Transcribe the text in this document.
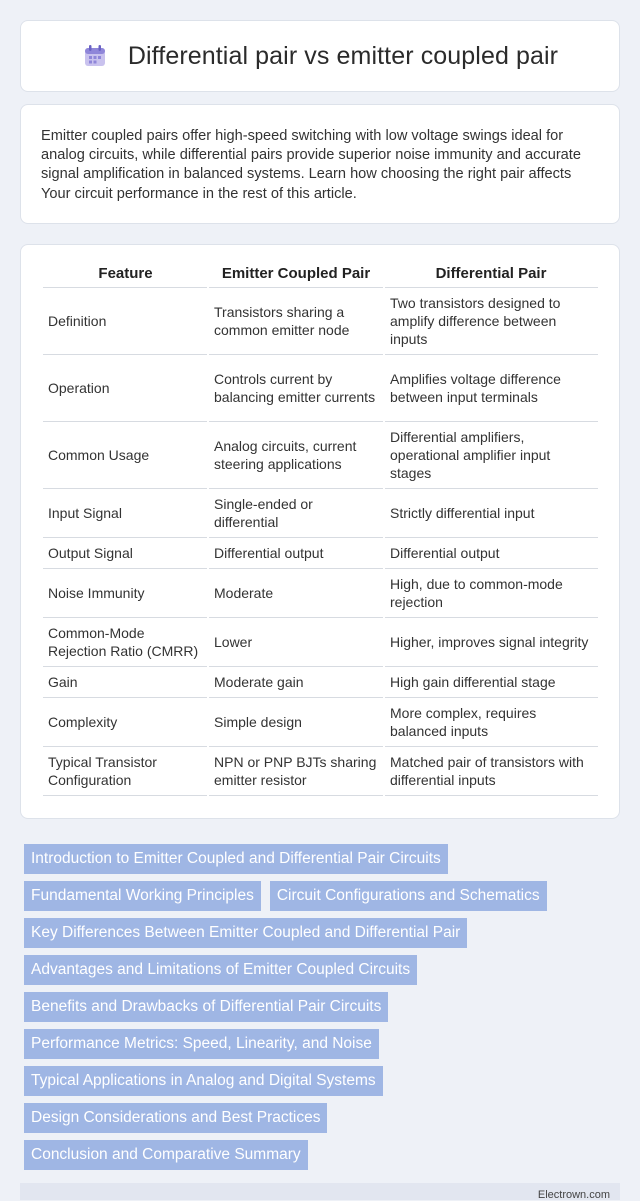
Differential pair vs emitter coupled pair

Emitter coupled pairs offer high-speed switching with low voltage swings ideal for analog circuits, while differential pairs provide superior noise immunity and accurate signal amplification in balanced systems. Learn how choosing the right pair affects Your circuit performance in the rest of this article.

Feature	Emitter Coupled Pair	Differential Pair
Definition	Transistors sharing a common emitter node	Two transistors designed to amplify difference between inputs
Operation	Controls current by balancing emitter currents	Amplifies voltage difference between input terminals
Common Usage	Analog circuits, current steering applications	Differential amplifiers, operational amplifier input stages
Input Signal	Single-ended or differential	Strictly differential input
Output Signal	Differential output	Differential output
Noise Immunity	Moderate	High, due to common-mode rejection
Common-Mode Rejection Ratio (CMRR)	Lower	Higher, improves signal integrity
Gain	Moderate gain	High gain differential stage
Complexity	Simple design	More complex, requires balanced inputs
Typical Transistor Configuration	NPN or PNP BJTs sharing emitter resistor	Matched pair of transistors with differential inputs
Introduction to Emitter Coupled and Differential Pair Circuits
Fundamental Working Principles	Circuit Configurations and Schematics
Key Differences Between Emitter Coupled and Differential Pair
Advantages and Limitations of Emitter Coupled Circuits
Benefits and Drawbacks of Differential Pair Circuits
Performance Metrics: Speed, Linearity, and Noise
Typical Applications in Analog and Digital Systems
Design Considerations and Best Practices
Conclusion and Comparative Summary
Electrown.com
